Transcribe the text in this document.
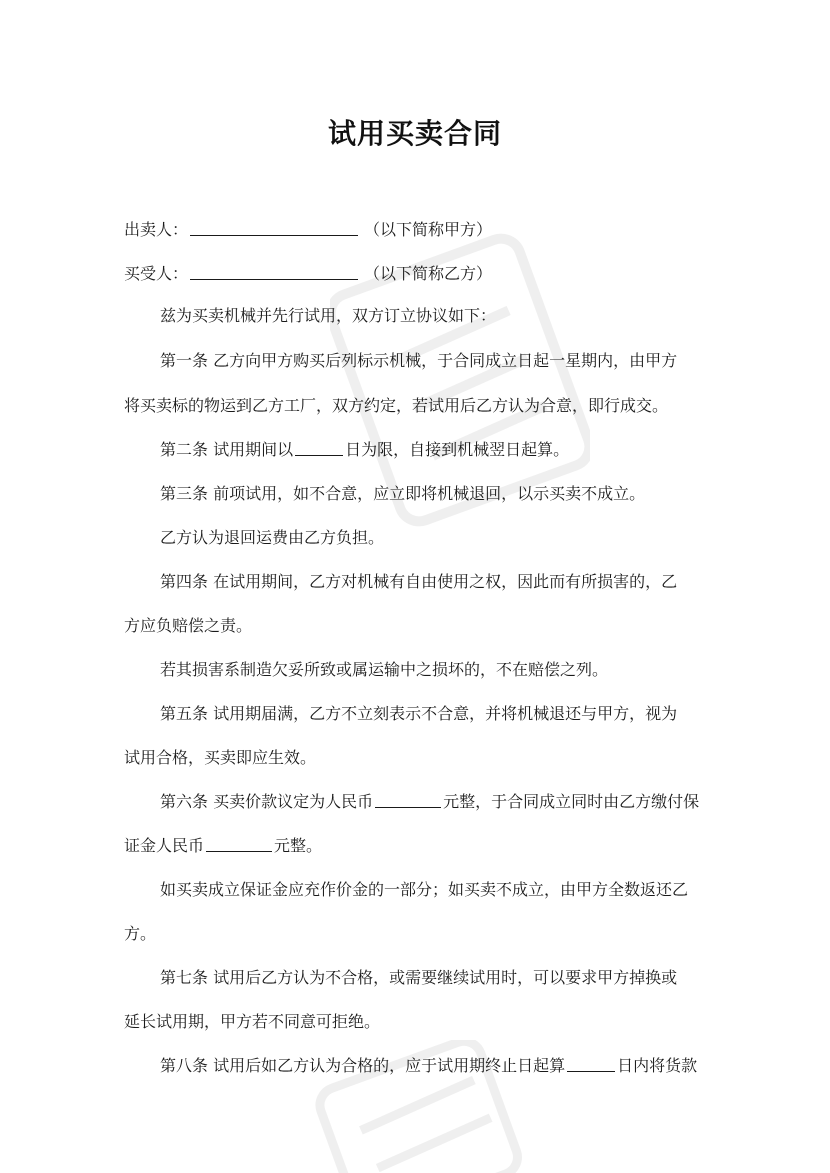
试用买卖合同
出卖人：	（以下简称甲方）
买受人：	（以下简称乙方）
兹为买卖机械并先行试用，双方订立协议如下：
第一条 乙方向甲方购买后列标示机械，于合同成立日起一星期内，由甲方
将买卖标的物运到乙方工厂，双方约定，若试用后乙方认为合意，即行成交。
第二条 试用期间以	日为限，自接到机械翌日起算。
第三条 前项试用，如不合意，应立即将机械退回，以示买卖不成立。
乙方认为退回运费由乙方负担。
第四条 在试用期间，乙方对机械有自由使用之权，因此而有所损害的，乙
方应负赔偿之责。
若其损害系制造欠妥所致或属运输中之损坏的，不在赔偿之列。
第五条 试用期届满，乙方不立刻表示不合意，并将机械退还与甲方，视为
试用合格，买卖即应生效。
第六条 买卖价款议定为人民币	元整，于合同成立同时由乙方缴付保
证金人民币	元整。
如买卖成立保证金应充作价金的一部分；如买卖不成立，由甲方全数返还乙
方。
第七条 试用后乙方认为不合格，或需要继续试用时，可以要求甲方掉换或
延长试用期，甲方若不同意可拒绝。
第八条 试用后如乙方认为合格的，应于试用期终止日起算	日内将货款
